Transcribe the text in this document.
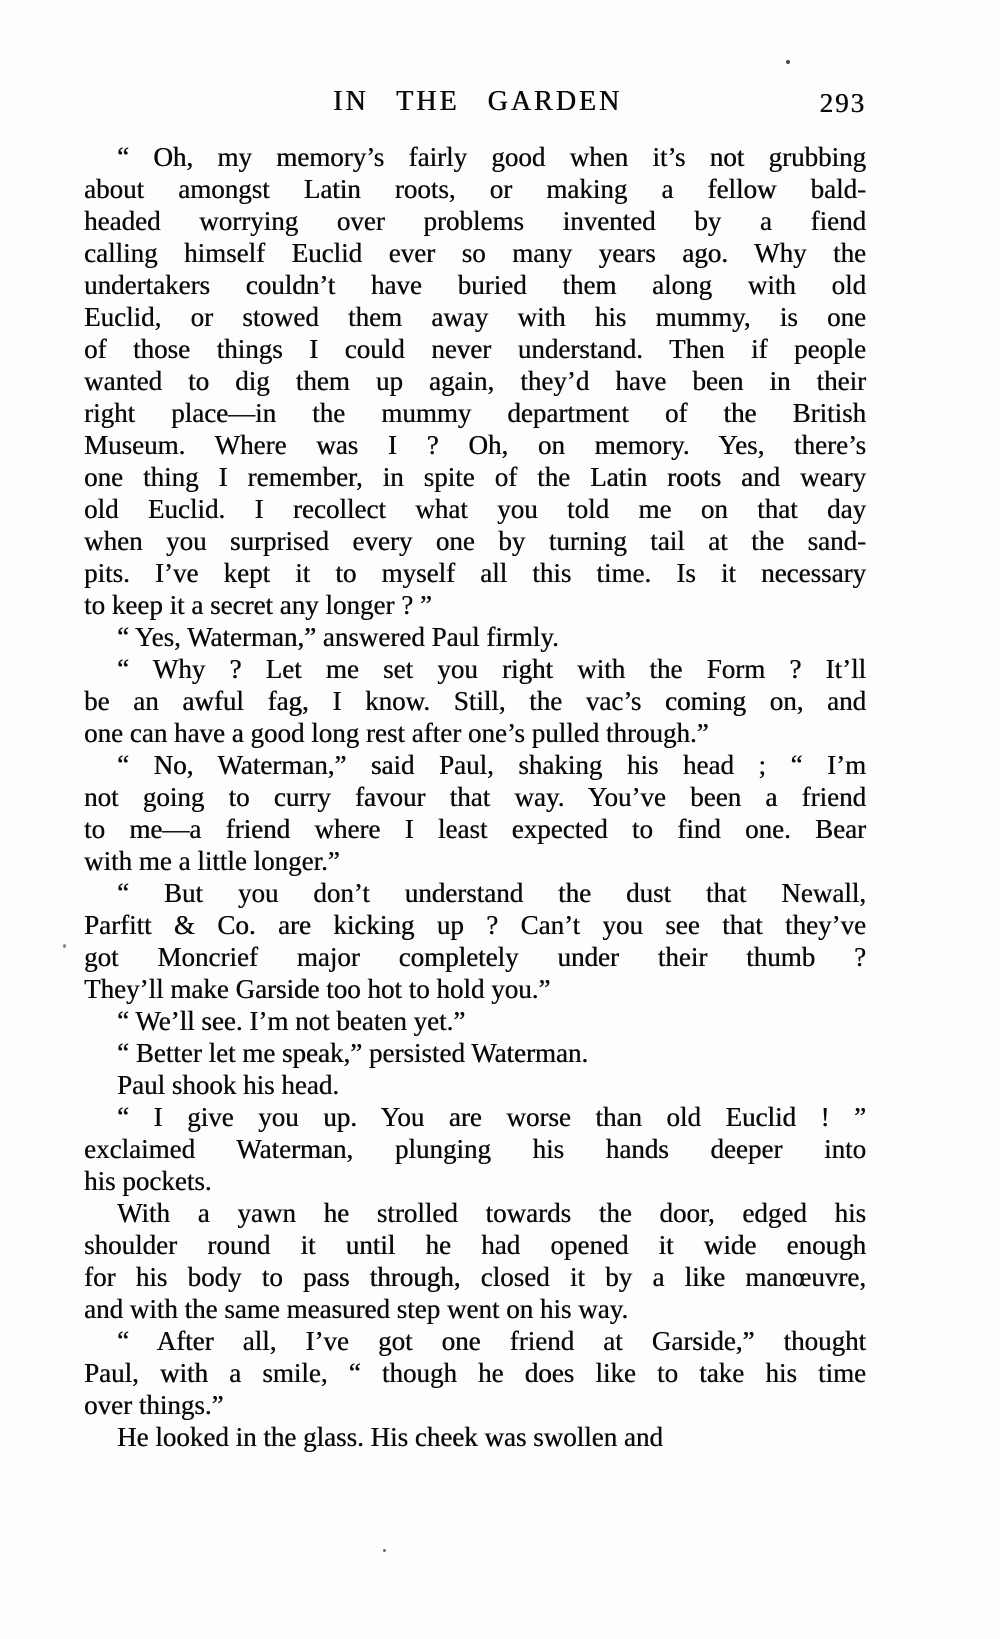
IN THE GARDEN	293
“ Oh, my memory’s fairly good when it’s not grubbing
about amongst Latin roots, or making a fellow bald-
headed worrying over problems invented by a fiend
calling himself Euclid ever so many years ago. Why the
undertakers couldn’t have buried them along with old
Euclid, or stowed them away with his mummy, is one
of those things I could never understand. Then if people
wanted to dig them up again, they’d have been in their
right place—in the mummy department of the British
Museum. Where was I ? Oh, on memory. Yes, there’s
one thing I remember, in spite of the Latin roots and weary
old Euclid. I recollect what you told me on that day
when you surprised every one by turning tail at the sand-
pits. I’ve kept it to myself all this time. Is it necessary
to keep it a secret any longer ? ”
“ Yes, Waterman,” answered Paul firmly.
“ Why ? Let me set you right with the Form ? It’ll
be an awful fag, I know. Still, the vac’s coming on, and
one can have a good long rest after one’s pulled through.”
“ No, Waterman,” said Paul, shaking his head ; “ I’m
not going to curry favour that way. You’ve been a friend
to me—a friend where I least expected to find one. Bear
with me a little longer.”
“ But you don’t understand the dust that Newall,
Parfitt & Co. are kicking up ? Can’t you see that they’ve
got Moncrief major completely under their thumb ?
They’ll make Garside too hot to hold you.”
“ We’ll see. I’m not beaten yet.”
“ Better let me speak,” persisted Waterman.
Paul shook his head.
“ I give you up. You are worse than old Euclid ! ”
exclaimed Waterman, plunging his hands deeper into
his pockets.
With a yawn he strolled towards the door, edged his
shoulder round it until he had opened it wide enough
for his body to pass through, closed it by a like manœuvre,
and with the same measured step went on his way.
“ After all, I’ve got one friend at Garside,” thought
Paul, with a smile, “ though he does like to take his time
over things.”
He looked in the glass. His cheek was swollen and
